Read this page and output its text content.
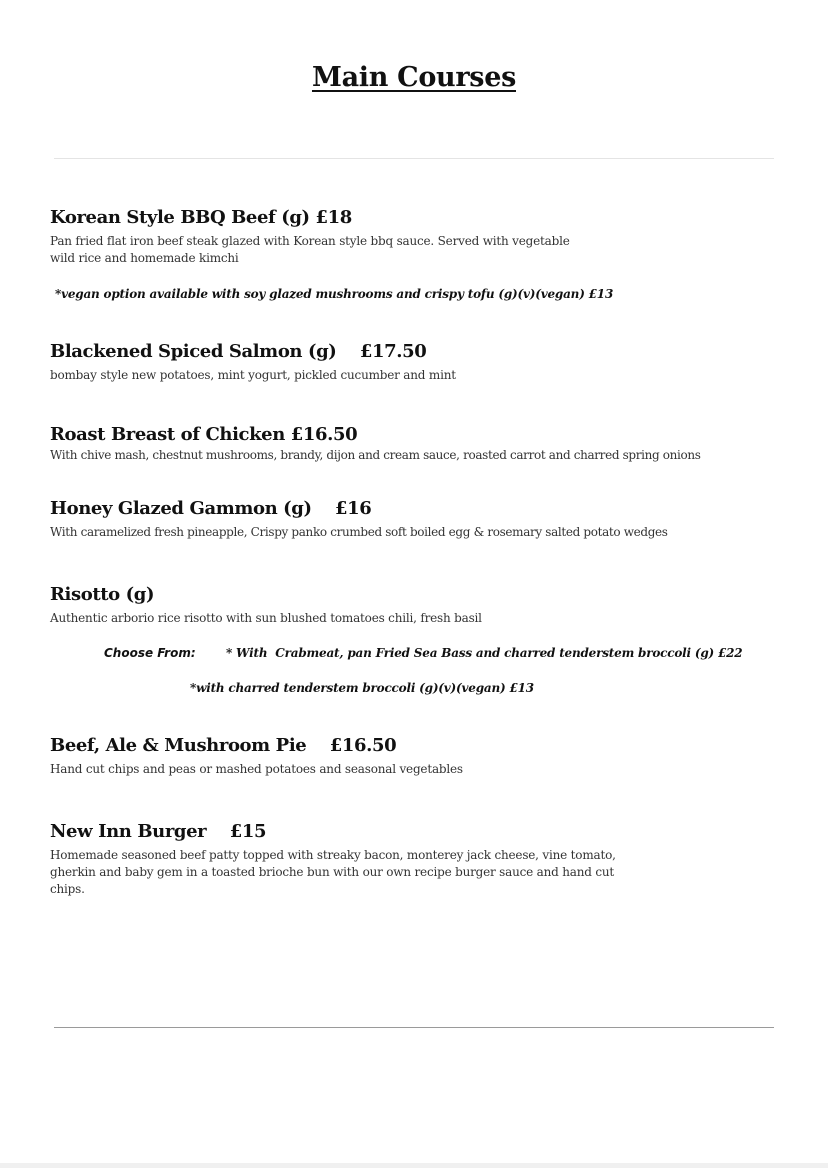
Main Courses
Korean Style BBQ Beef (g) £18
Pan fried flat iron beef steak glazed with Korean style bbq sauce. Served with vegetable wild rice and homemade kimchi
*vegan option available with soy glazed mushrooms and crispy tofu (g)(v)(vegan) £13
Blackened Spiced Salmon (g)    £17.50
bombay style new potatoes, mint yogurt, pickled cucumber and mint
Roast Breast of Chicken £16.50
With chive mash, chestnut mushrooms, brandy, dijon and cream sauce, roasted carrot and charred spring onions
Honey Glazed Gammon (g)    £16
With caramelized fresh pineapple, Crispy panko crumbed soft boiled egg & rosemary salted potato wedges
Risotto (g)
Authentic arborio rice risotto with sun blushed tomatoes chili, fresh basil
Choose From:	* With  Crabmeat, pan Fried Sea Bass and charred tenderstem broccoli (g) £22
*with charred tenderstem broccoli (g)(v)(vegan) £13
Beef, Ale & Mushroom Pie    £16.50
Hand cut chips and peas or mashed potatoes and seasonal vegetables
New Inn Burger    £15
Homemade seasoned beef patty topped with streaky bacon, monterey jack cheese, vine tomato, gherkin and baby gem in a toasted brioche bun with our own recipe burger sauce and hand cut chips.
